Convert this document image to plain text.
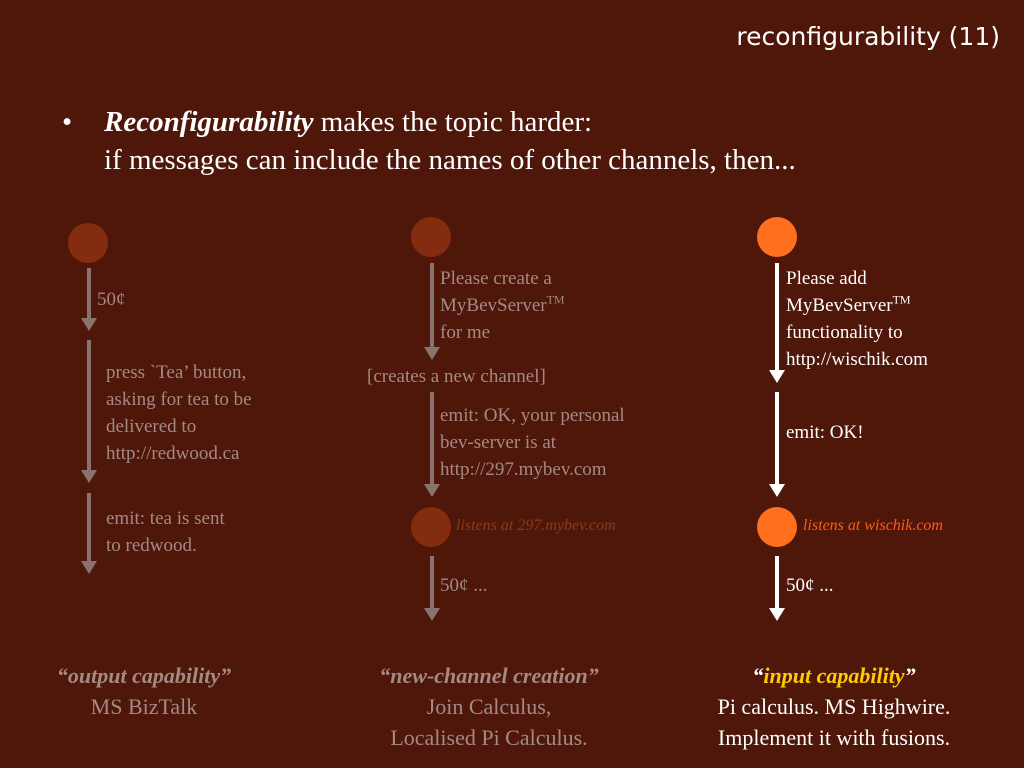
reconfigurability (11)
• Reconfigurability makes the topic harder:
if messages can include the names of other channels, then...
50¢
press `Tea’ button,
asking for tea to be
delivered to
http://redwood.ca
emit: tea is sent
to redwood.
“output capability”
MS BizTalk
Please create a
MyBevServer™
for me
[creates a new channel]
emit: OK, your personal
bev-server is at
http://297.mybev.com
listens at 297.mybev.com
50¢ ...
“new-channel creation”
Join Calculus,
Localised Pi Calculus.
Please add
MyBevServer™
functionality to
http://wischik.com
emit: OK!
listens at wischik.com
50¢ ...
“input capability”
Pi calculus. MS Highwire.
Implement it with fusions.
